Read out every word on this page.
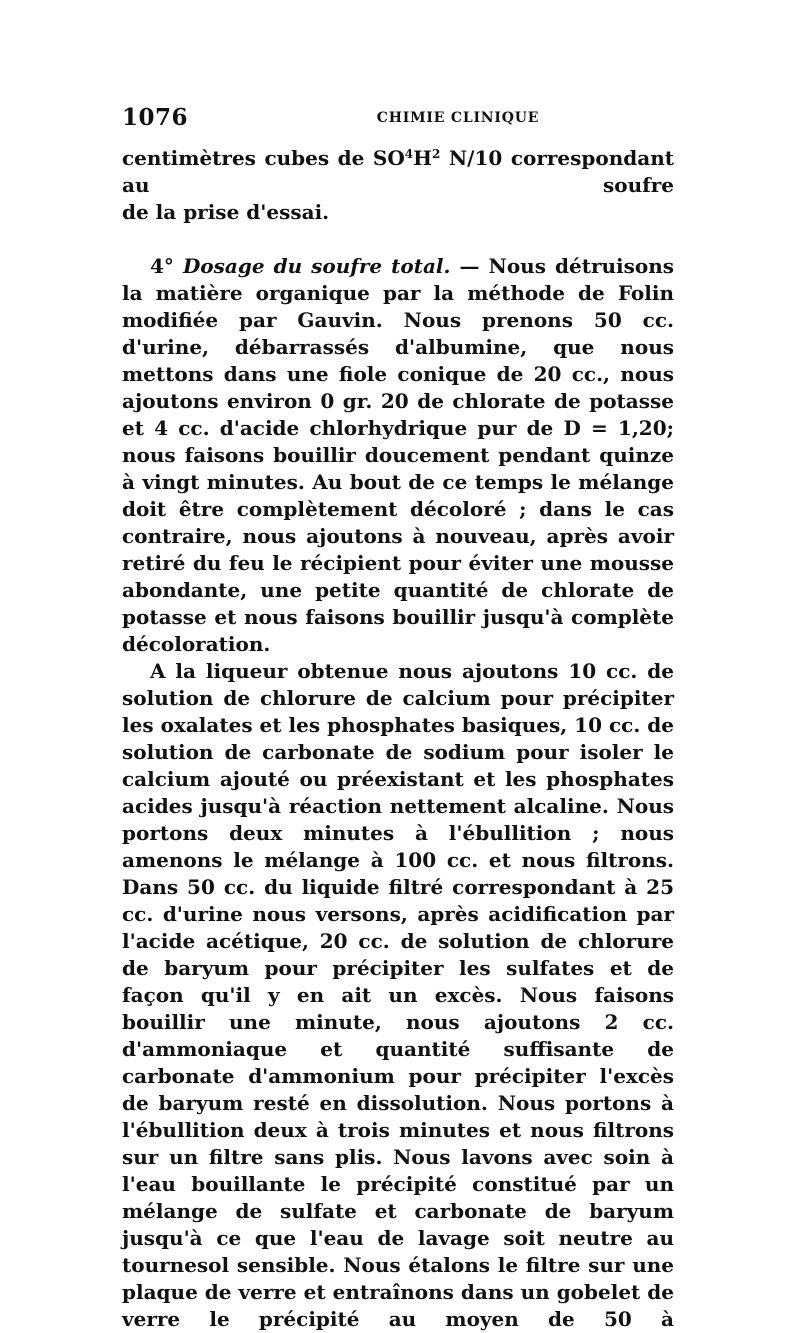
1076	CHIMIE CLINIQUE

centimètres cubes de $SO^4H^2$ N/10 correspondant au soufre

de la prise d'essai.

4° Dosage du soufre total. — Nous détruisons la matière organique par la méthode de Folin modifiée par Gauvin. Nous prenons 50 cc. d'urine, débarrassés d'albumine, que nous mettons dans une fiole conique de 20 cc., nous ajoutons environ 0 gr. 20 de chlorate de potasse et 4 cc. d'acide chlorhydrique pur de D = 1,20; nous faisons bouillir doucement pendant quinze à vingt minutes. Au bout de ce temps le mélange doit être complètement décoloré ; dans le cas contraire, nous ajoutons à nouveau, après avoir retiré du feu le récipient pour éviter une mousse abondante, une petite quantité de chlorate de potasse et nous faisons bouillir jusqu'à complète décoloration.

A la liqueur obtenue nous ajoutons 10 cc. de solution de chlorure de calcium pour précipiter les oxalates et les phosphates basiques, 10 cc. de solution de carbonate de sodium pour isoler le calcium ajouté ou préexistant et les phosphates acides jusqu'à réaction nettement alcaline. Nous portons deux minutes à l'ébullition ; nous amenons le mélange à 100 cc. et nous filtrons. Dans 50 cc. du liquide filtré correspondant à 25 cc. d'urine nous versons, après acidification par l'acide acétique, 20 cc. de solution de chlorure de baryum pour précipiter les sulfates et de façon qu'il y en ait un excès. Nous faisons bouillir une minute, nous ajoutons 2 cc. d'ammoniaque et quantité suffisante de carbonate d'ammonium pour précipiter l'excès de baryum resté en dissolution. Nous portons à l'ébullition deux à trois minutes et nous filtrons sur un filtre sans plis. Nous lavons avec soin à l'eau bouillante le précipité constitué par un mélange de sulfate et carbonate de baryum jusqu'à ce que l'eau de lavage soit neutre au tournesol sensible. Nous étalons le filtre sur une plaque de verre et entraînons dans un gobelet de verre le précipité au moyen de 50 à
